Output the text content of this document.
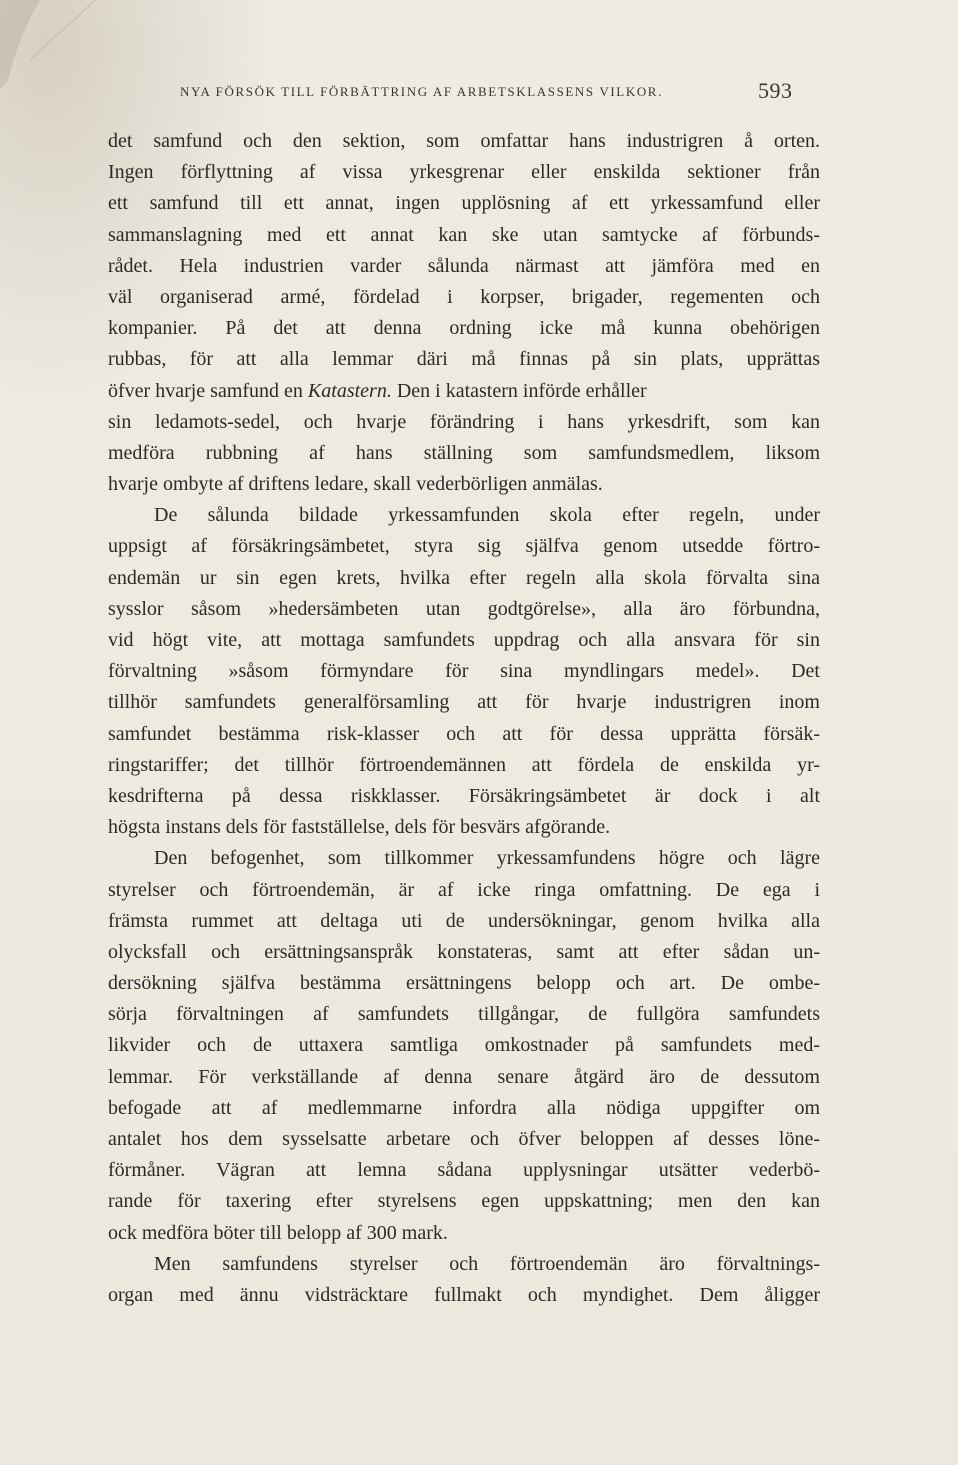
NYA FÖRSÖK TILL FÖRBÄTTRING AF ARBETSKLASSENS VILKOR.	593
det samfund och den sektion, som omfattar hans industrigren å orten.
Ingen förflyttning af vissa yrkesgrenar eller enskilda sektioner från
ett samfund till ett annat, ingen upplösning af ett yrkessamfund eller
sammanslagning med ett annat kan ske utan samtycke af förbunds-
rådet. Hela industrien varder sålunda närmast att jämföra med en
väl organiserad armé, fördelad i korpser, brigader, regementen och
kompanier. På det att denna ordning icke må kunna obehörigen
rubbas, för att alla lemmar däri må finnas på sin plats, upprättas
öfver hvarje samfund en Katastern. Den i katastern införde erhåller
sin ledamots-sedel, och hvarje förändring i hans yrkesdrift, som kan
medföra rubbning af hans ställning som samfundsmedlem, liksom
hvarje ombyte af driftens ledare, skall vederbörligen anmälas.
De sålunda bildade yrkessamfunden skola efter regeln, under
uppsigt af försäkringsämbetet, styra sig själfva genom utsedde förtro-
endemän ur sin egen krets, hvilka efter regeln alla skola förvalta sina
sysslor såsom »hedersämbeten utan godtgörelse», alla äro förbundna,
vid högt vite, att mottaga samfundets uppdrag och alla ansvara för sin
förvaltning »såsom förmyndare för sina myndlingars medel». Det
tillhör samfundets generalförsamling att för hvarje industrigren inom
samfundet bestämma risk-klasser och att för dessa upprätta försäk-
ringstariffer; det tillhör förtroendemännen att fördela de enskilda yr-
kesdrifterna på dessa riskklasser. Försäkringsämbetet är dock i alt
högsta instans dels för fastställelse, dels för besvärs afgörande.
Den befogenhet, som tillkommer yrkessamfundens högre och lägre
styrelser och förtroendemän, är af icke ringa omfattning. De ega i
främsta rummet att deltaga uti de undersökningar, genom hvilka alla
olycksfall och ersättningsanspråk konstateras, samt att efter sådan un-
dersökning själfva bestämma ersättningens belopp och art. De ombe-
sörja förvaltningen af samfundets tillgångar, de fullgöra samfundets
likvider och de uttaxera samtliga omkostnader på samfundets med-
lemmar. För verkställande af denna senare åtgärd äro de dessutom
befogade att af medlemmarne infordra alla nödiga uppgifter om
antalet hos dem sysselsatte arbetare och öfver beloppen af desses löne-
förmåner. Vägran att lemna sådana upplysningar utsätter vederbö-
rande för taxering efter styrelsens egen uppskattning; men den kan
ock medföra böter till belopp af 300 mark.
Men samfundens styrelser och förtroendemän äro förvaltnings-
organ med ännu vidsträcktare fullmakt och myndighet. Dem åligger
